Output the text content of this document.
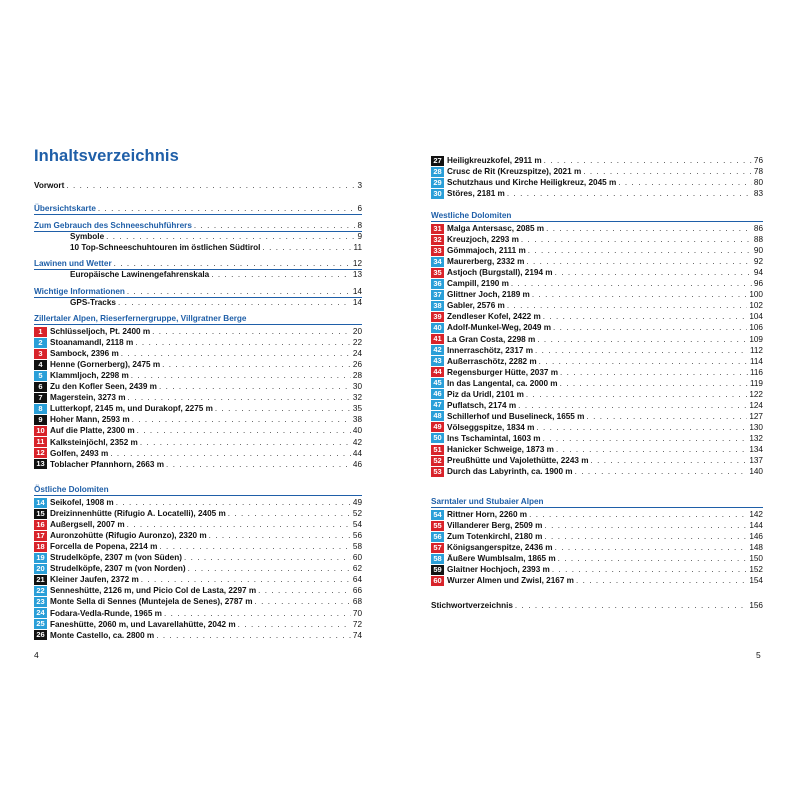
Inhaltsverzeichnis
Vorwort . . .	3
Übersichtskarte . . .	6
Zum Gebrauch des Schneeschuhführers . . .	8
Symbole . . .	9
10 Top-Schneeschuhtouren im östlichen Südtirol . . .	11
Lawinen und Wetter . . .	12
Europäische Lawinengefahrenskala . . .	13
Wichtige Informationen . . .	14
GPS-Tracks . . .	14
Zillertaler Alpen, Rieserfernergruppe, Villgratner Berge
1 Schlüsseljoch, Pt. 2400 m . . .	20
2 Stoanamandl, 2118 m . . .	22
3 Sambock, 2396 m . . .	24
4 Henne (Gornerberg), 2475 m . . .	26
5 Klammljoch, 2298 m . . .	28
6 Zu den Kofler Seen, 2439 m . . .	30
7 Magerstein, 3273 m . . .	32
8 Lutterkopf, 2145 m, und Durakopf, 2275 m . . .	35
9 Hoher Mann, 2593 m . . .	38
10 Auf die Platte, 2300 m . . .	40
11 Kalksteinjöchl, 2352 m . . .	42
12 Golfen, 2493 m . . .	44
13 Toblacher Pfannhorn, 2663 m . . .	46
Östliche Dolomiten
14 Seikofel, 1908 m . . .	49
15 Dreizinnenhütte (Rifugio A. Locatelli), 2405 m . . .	52
16 Außergsell, 2007 m . . .	54
17 Auronzohütte (Rifugio Auronzo), 2320 m . . .	56
18 Forcella de Popena, 2214 m . . .	58
19 Strudelköpfe, 2307 m (von Süden) . . .	60
20 Strudelköpfe, 2307 m (von Norden) . . .	62
21 Kleiner Jaufen, 2372 m . . .	64
22 Senneshütte, 2126 m, und Picio Col de Lasta, 2297 m . . .	66
23 Monte Sella di Sennes (Muntejela de Senes), 2787 m . . .	68
24 Fodara-Vedla-Runde, 1965 m . . .	70
25 Faneshütte, 2060 m, und Lavarellahütte, 2042 m . . .	72
26 Monte Castello, ca. 2800 m . . .	74
27 Heiligkreuzkofel, 2911 m . . .	76
28 Crusc de Rit (Kreuzspitze), 2021 m . . .	78
29 Schutzhaus und Kirche Heiligkreuz, 2045 m . . .	80
30 Störes, 2181 m . . .	83
Westliche Dolomiten
31 Malga Antersasc, 2085 m . . .	86
32 Kreuzjoch, 2293 m . . .	88
33 Gömmajoch, 2111 m . . .	90
34 Maurerberg, 2332 m . . .	92
35 Astjoch (Burgstall), 2194 m . . .	94
36 Campill, 2190 m . . .	96
37 Glittner Joch, 2189 m . . .	100
38 Gabler, 2576 m . . .	102
39 Zendleser Kofel, 2422 m . . .	104
40 Adolf-Munkel-Weg, 2049 m . . .	106
41 La Gran Costa, 2298 m . . .	109
42 Innerraschötz, 2317 m . . .	112
43 Außerraschötz, 2282 m . . .	114
44 Regensburger Hütte, 2037 m . . .	116
45 In das Langental, ca. 2000 m . . .	119
46 Piz da Uridl, 2101 m . . .	122
47 Puflatsch, 2174 m . . .	124
48 Schillerhof und Buselineck, 1655 m . . .	127
49 Völseggspitze, 1834 m . . .	130
50 Ins Tschamintal, 1603 m . . .	132
51 Hanicker Schweige, 1873 m . . .	134
52 Preußhütte und Vajolethütte, 2243 m . . .	137
53 Durch das Labyrinth, ca. 1900 m . . .	140
Sarntaler und Stubaier Alpen
54 Rittner Horn, 2260 m . . .	142
55 Villanderer Berg, 2509 m . . .	144
56 Zum Totenkirchl, 2180 m . . .	146
57 Königsangerspitze, 2436 m . . .	148
58 Äußere Wumblsalm, 1865 m . . .	150
59 Glaitner Hochjoch, 2393 m . . .	152
60 Wurzer Almen und Zwisl, 2167 m . . .	154
Stichwortverzeichnis . . .	156
4	5
